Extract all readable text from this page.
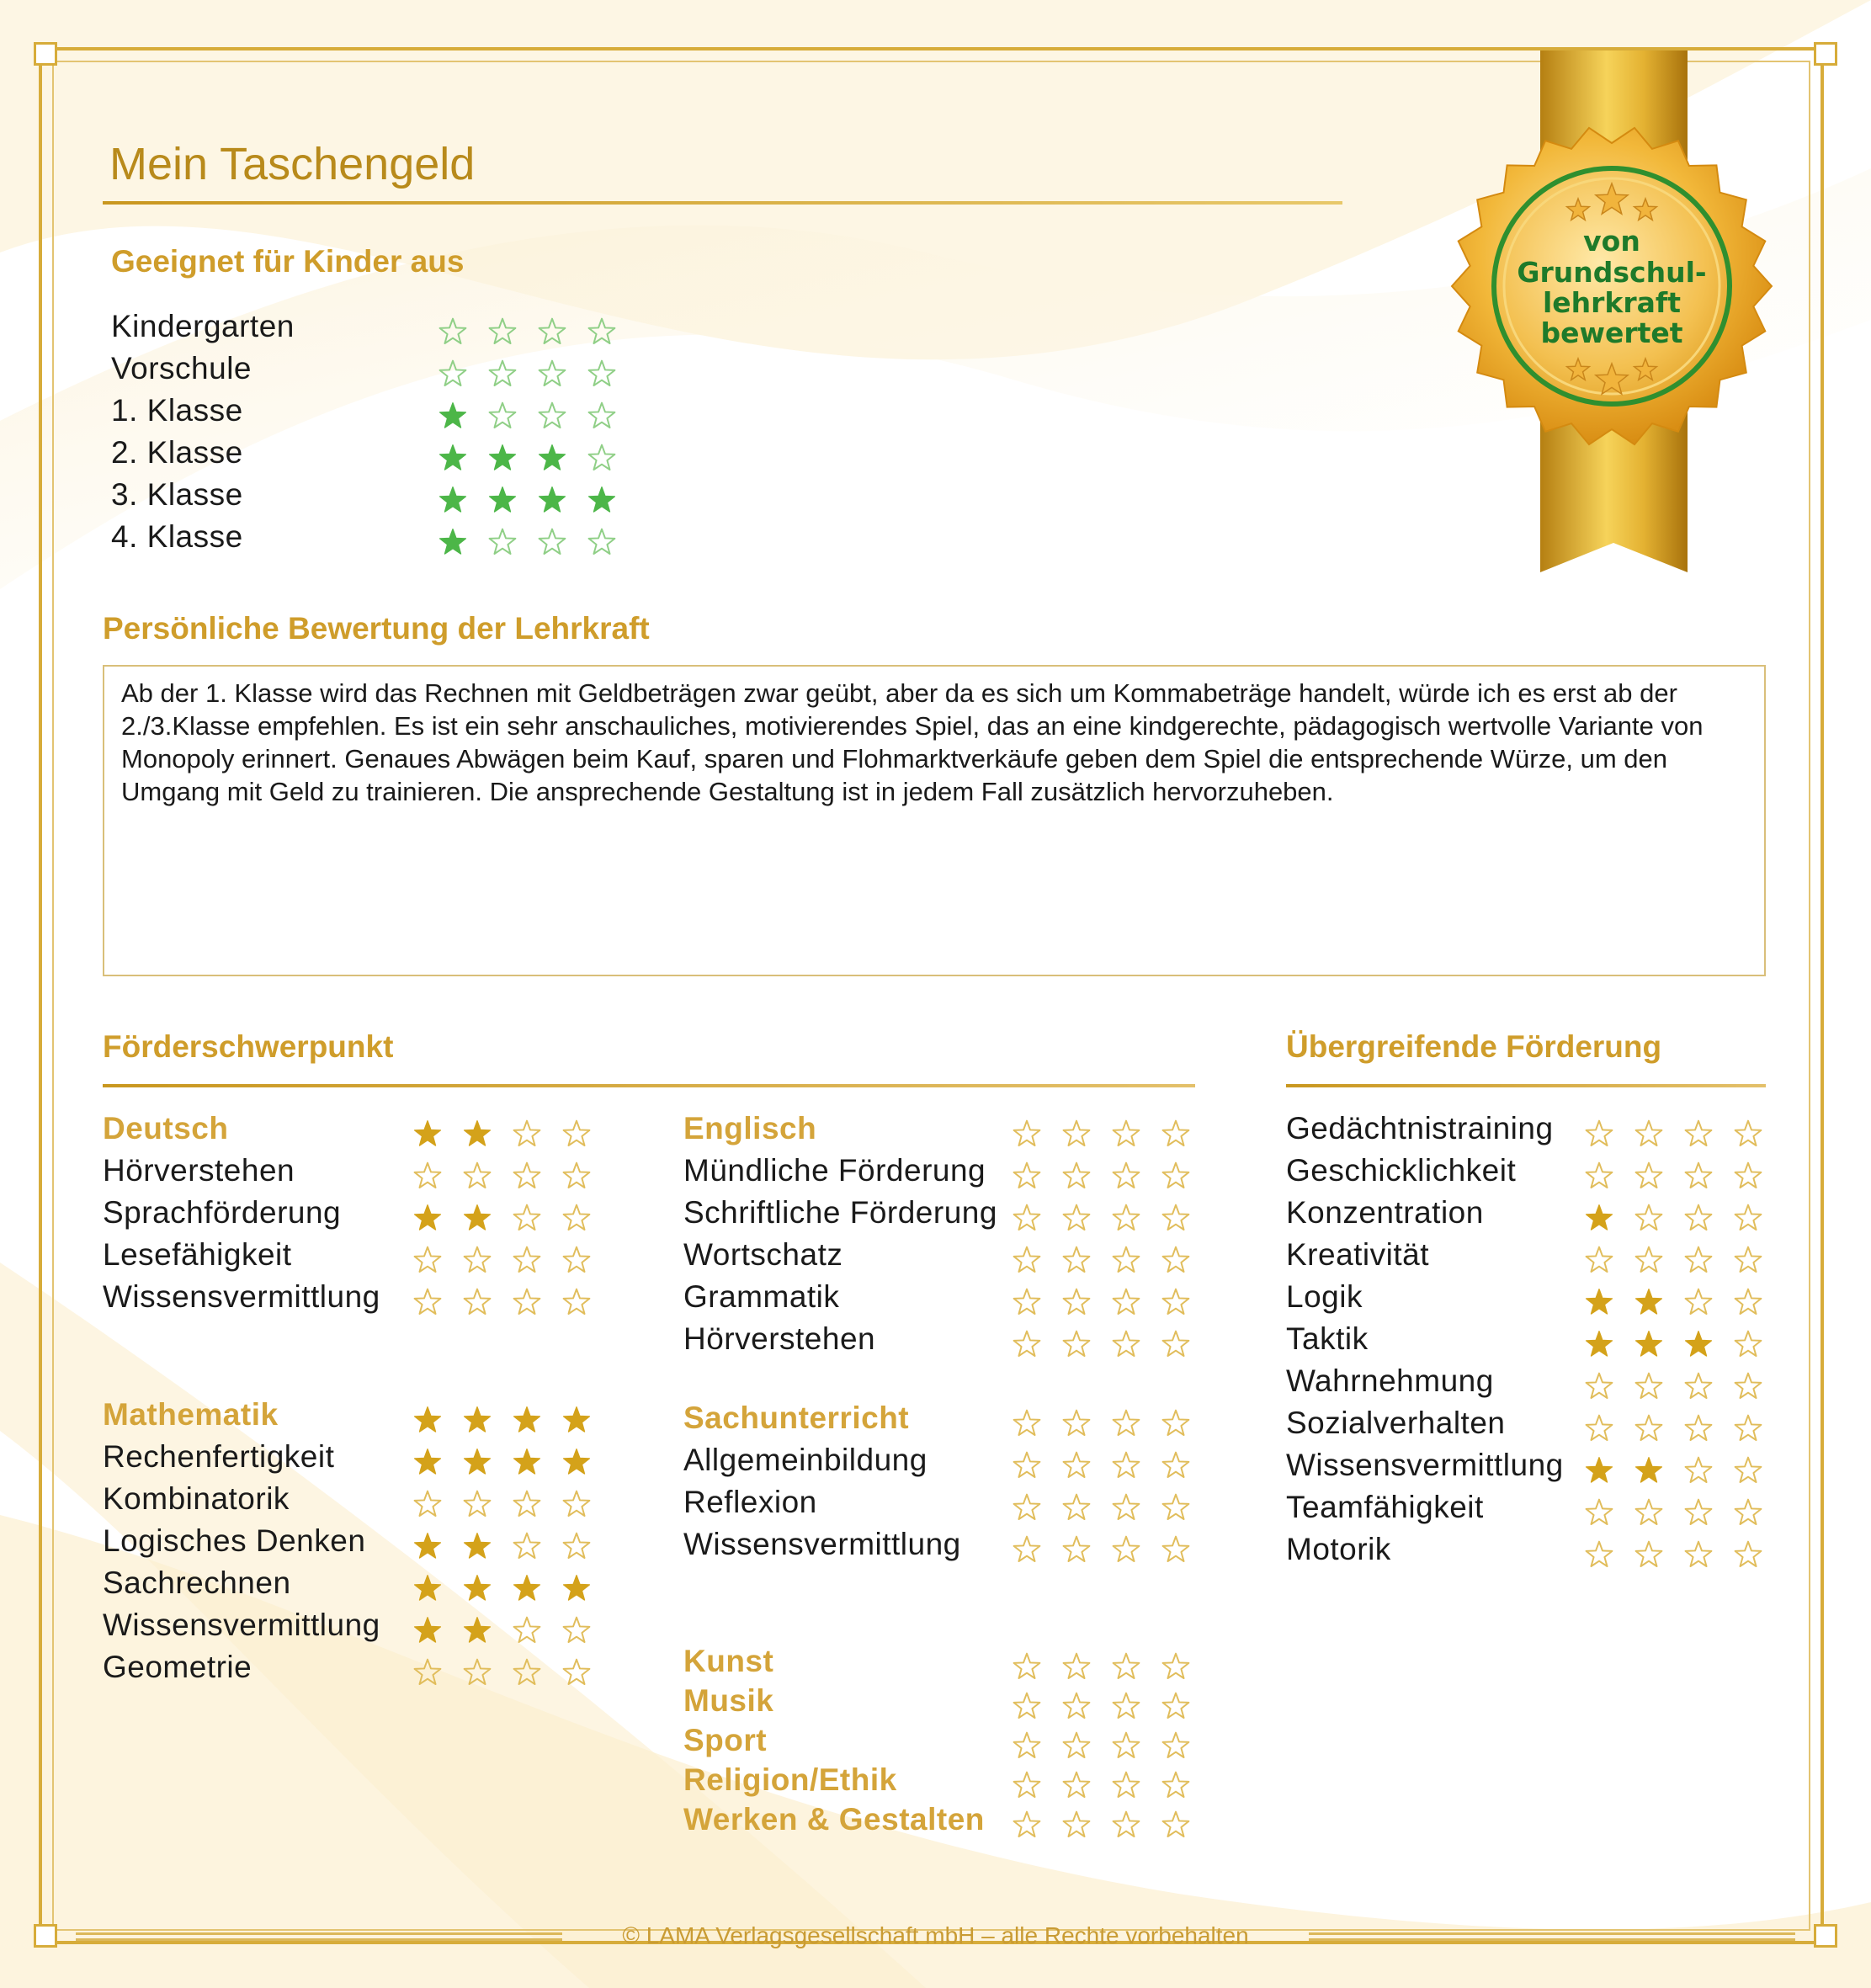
von
Grundschul-
lehrkraft
bewertet
Mein Taschengeld
Geeignet für Kinder aus
Kindergarten
Vorschule
1. Klasse
2. Klasse
3. Klasse
4. Klasse
Persönliche Bewertung der Lehrkraft
Ab der 1. Klasse wird das Rechnen mit Geldbeträgen zwar geübt, aber da es sich um Kommabeträge handelt, würde ich es erst ab der 2./3.Klasse empfehlen. Es ist ein sehr anschauliches, motivierendes Spiel, das an eine kindgerechte, pädagogisch wertvolle Variante von Monopoly erinnert. Genaues Abwägen beim Kauf, sparen und Flohmarktverkäufe geben dem Spiel die entsprechende Würze, um den Umgang mit Geld zu trainieren. Die ansprechende Gestaltung ist in jedem Fall zusätzlich hervorzuheben.
Förderschwerpunkt	Übergreifende Förderung
Deutsch
Hörverstehen
Sprachförderung
Lesefähigkeit
Wissensvermittlung
Mathematik
Rechenfertigkeit
Kombinatorik
Logisches Denken
Sachrechnen
Wissensvermittlung
Geometrie
Englisch
Mündliche Förderung
Schriftliche Förderung
Wortschatz
Grammatik
Hörverstehen
Sachunterricht
Allgemeinbildung
Reflexion
Wissensvermittlung
Kunst
Musik
Sport
Religion/Ethik
Werken & Gestalten
Gedächtnistraining
Geschicklichkeit
Konzentration
Kreativität
Logik
Taktik
Wahrnehmung
Sozialverhalten
Wissensvermittlung
Teamfähigkeit
Motorik
© LAMA Verlagsgesellschaft mbH – alle Rechte vorbehalten
